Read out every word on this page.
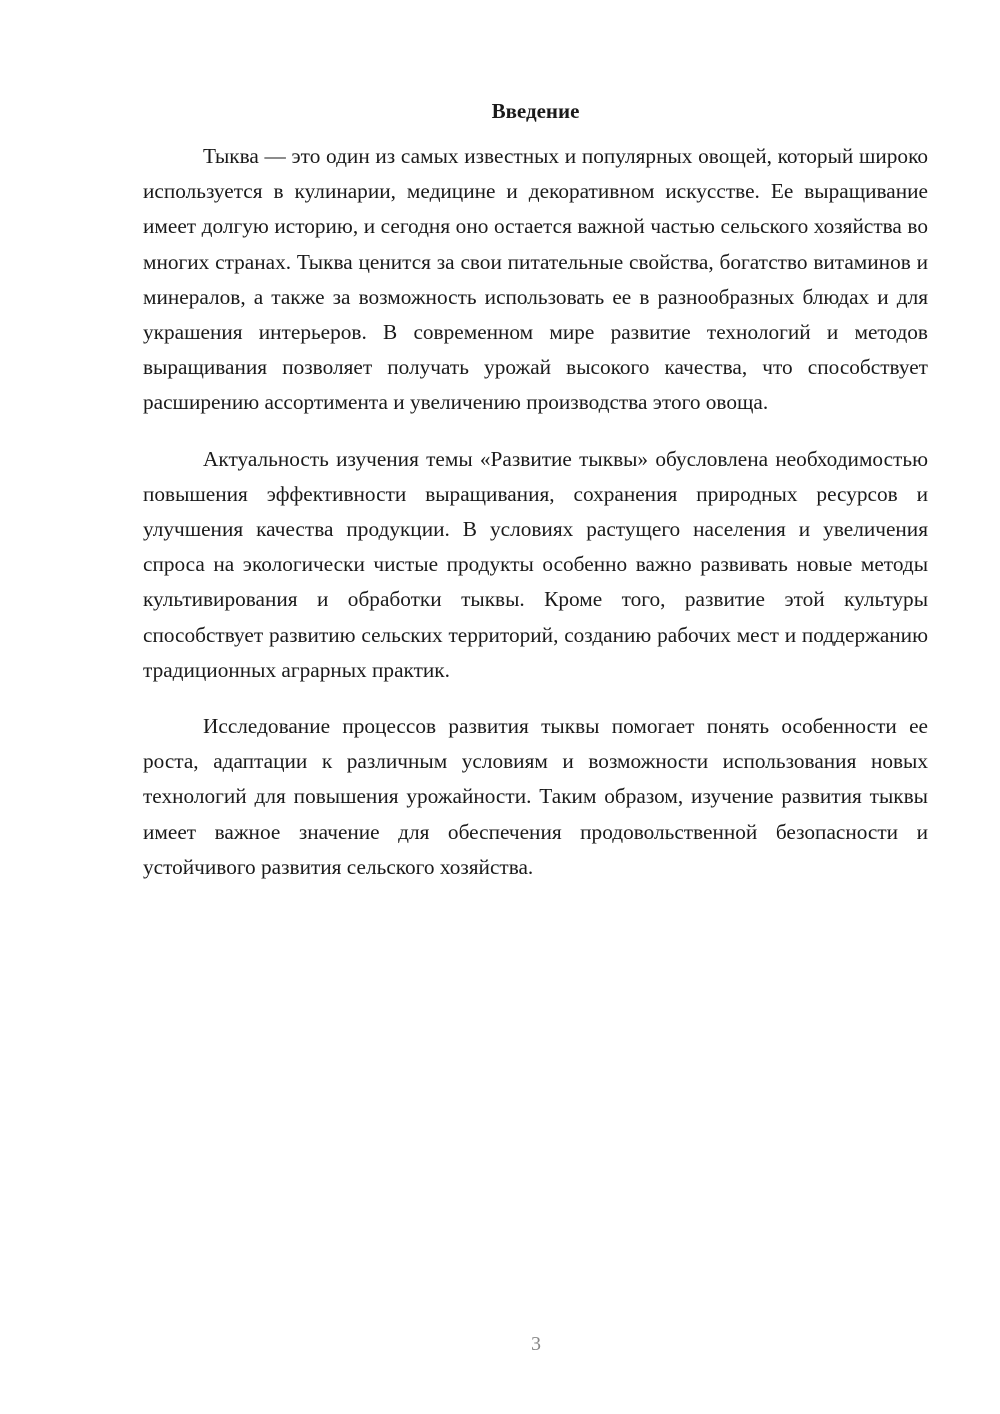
Введение

Тыква — это один из самых известных и популярных овощей, который широко используется в кулинарии, медицине и декоративном искусстве. Ее выращивание имеет долгую историю, и сегодня оно остается важной частью сельского хозяйства во многих странах. Тыква ценится за свои питательные свойства, богатство витаминов и минералов, а также за возможность использовать ее в разнообразных блюдах и для украшения интерьеров. В современном мире развитие технологий и методов выращивания позволяет получать урожай высокого качества, что способствует расширению ассортимента и увеличению производства этого овоща.

Актуальность изучения темы «Развитие тыквы» обусловлена необходимостью повышения эффективности выращивания, сохранения природных ресурсов и улучшения качества продукции. В условиях растущего населения и увеличения спроса на экологически чистые продукты особенно важно развивать новые методы культивирования и обработки тыквы. Кроме того, развитие этой культуры способствует развитию сельских территорий, созданию рабочих мест и поддержанию традиционных аграрных практик.

Исследование процессов развития тыквы помогает понять особенности ее роста, адаптации к различным условиям и возможности использования новых технологий для повышения урожайности. Таким образом, изучение развития тыквы имеет важное значение для обеспечения продовольственной безопасности и устойчивого развития сельского хозяйства.

3
